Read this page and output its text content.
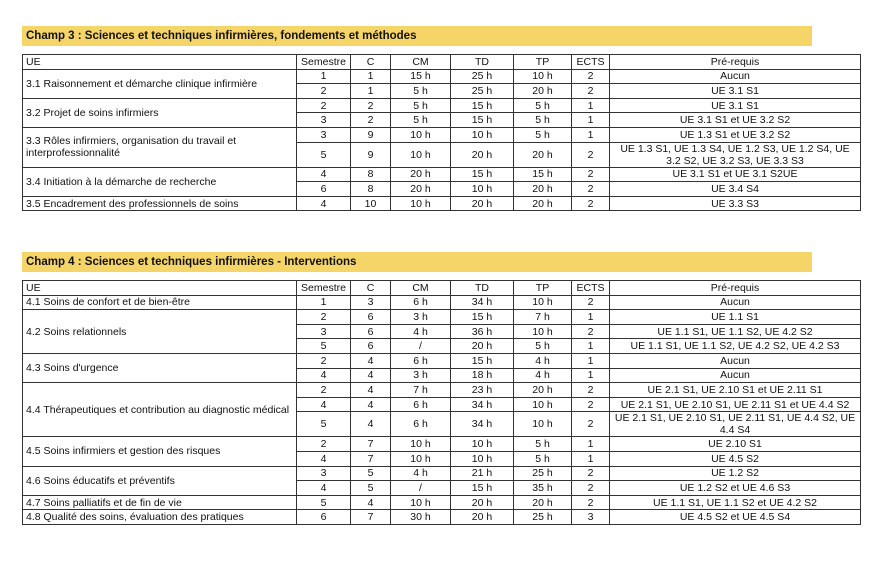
Champ 3 : Sciences et techniques infirmières, fondements et méthodes
UE	Semestre	C	CM	TD	TP	ECTS	Pré-requis
3.1 Raisonnement et démarche clinique infirmière	1	1	15 h	25 h	10 h	2	Aucun
	2	1	5 h	25 h	20 h	2	UE 3.1 S1
3.2 Projet de soins infirmiers	2	2	5 h	15 h	5 h	1	UE 3.1 S1
	3	2	5 h	15 h	5 h	1	UE 3.1 S1 et UE 3.2 S2
3.3 Rôles infirmiers, organisation du travail et interprofessionnalité	3	9	10 h	10 h	5 h	1	UE 1.3 S1 et UE 3.2 S2
	5	9	10 h	20 h	20 h	2	UE 1.3 S1, UE 1.3 S4, UE 1.2 S3, UE 1.2 S4, UE 3.2 S2, UE 3.2 S3, UE 3.3 S3
3.4 Initiation à la démarche de recherche	4	8	20 h	15 h	15 h	2	UE 3.1 S1 et UE 3.1 S2UE
	6	8	20 h	10 h	20 h	2	UE 3.4 S4
3.5 Encadrement des professionnels de soins	4	10	10 h	20 h	20 h	2	UE 3.3 S3
Champ 4 : Sciences et techniques infirmières - Interventions
UE	Semestre	C	CM	TD	TP	ECTS	Pré-requis
4.1 Soins de confort et de bien-être	1	3	6 h	34 h	10 h	2	Aucun
4.2 Soins relationnels	2	6	3 h	15 h	7 h	1	UE 1.1 S1
	3	6	4 h	36 h	10 h	2	UE 1.1 S1, UE 1.1 S2, UE 4.2 S2
	5	6	/	20 h	5 h	1	UE 1.1 S1, UE 1.1 S2, UE 4.2 S2, UE 4.2 S3
4.3 Soins d'urgence	2	4	6 h	15 h	4 h	1	Aucun
	4	4	3 h	18 h	4 h	1	Aucun
4.4 Thérapeutiques et contribution au diagnostic médical	2	4	7 h	23 h	20 h	2	UE 2.1 S1, UE 2.10 S1 et UE 2.11 S1
	4	4	6 h	34 h	10 h	2	UE 2.1 S1, UE 2.10 S1, UE 2.11 S1 et UE 4.4 S2
	5	4	6 h	34 h	10 h	2	UE 2.1 S1, UE 2.10 S1, UE 2.11 S1, UE 4.4 S2, UE 4.4 S4
4.5 Soins infirmiers et gestion des risques	2	7	10 h	10 h	5 h	1	UE 2.10 S1
	4	7	10 h	10 h	5 h	1	UE 4.5 S2
4.6 Soins éducatifs et préventifs	3	5	4 h	21 h	25 h	2	UE 1.2 S2
	4	5	/	15 h	35 h	2	UE 1.2 S2 et UE 4.6 S3
4.7 Soins palliatifs et de fin de vie	5	4	10 h	20 h	20 h	2	UE 1.1 S1, UE 1.1 S2 et UE 4.2 S2
4.8 Qualité des soins, évaluation des pratiques	6	7	30 h	20 h	25 h	3	UE 4.5 S2 et UE 4.5 S4
